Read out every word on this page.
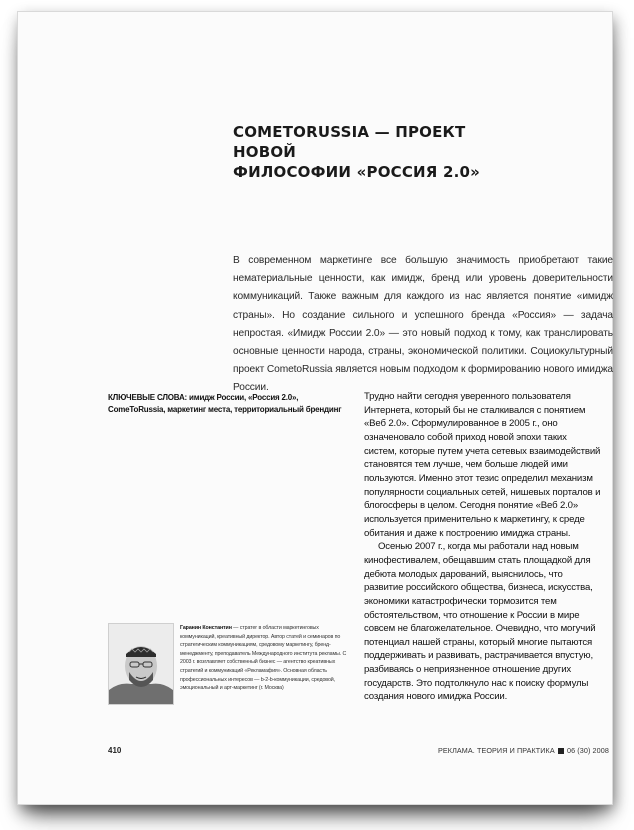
COMETORUSSIA — ПРОЕКТ НОВОЙ
ФИЛОСОФИИ «РОССИЯ 2.0»
В современном маркетинге все большую значимость приобретают такие нематериальные ценности, как имидж, бренд или уровень доверительности коммуникаций. Также важным для каждого из нас является понятие «имидж страны». Но создание сильного и успешного бренда «Россия» — задача непростая. «Имидж России 2.0» — это новый подход к тому, как транслировать основные ценности народа, страны, экономической политики. Социокультурный проект CometoRussia является новым подходом к формированию нового имиджа России.
КЛЮЧЕВЫЕ СЛОВА: имидж России, «Россия 2.0», ComeToRussia, маркетинг места, территориальный брендинг

Трудно найти сегодня уверенного пользователя Интернета, который бы не сталкивался с понятием «Веб 2.0». Сформулированное в 2005 г., оно означеновало собой приход новой эпохи таких систем, которые путем учета сетевых взаимодействий становятся тем лучше, чем больше людей ими пользуются. Именно этот тезис определил механизм популярности социальных сетей, нишевых порталов и блогосферы в целом. Сегодня понятие «Веб 2.0» используется применительно к маркетингу, к среде обитания и даже к построению имиджа страны.

Осенью 2007 г., когда мы работали над новым кинофестивалем, обещавшим стать площадкой для дебюта молодых дарований, выяснилось, что развитие российского общества, бизнеса, искусства, экономики катастрофически тормозится тем обстоятельством, что отношение к России в мире совсем не благожелательное. Очевидно, что могучий потенциал нашей страны, который многие пытаются поддерживать и развивать, растрачивается впустую, разбиваясь о неприязненное отношение других государств. Это подтолкнуло нас к поиску формулы создания нового имиджа России.

Гаранин Константин — стратег в области маркетинговых коммуникаций, креативный директор. Автор статей и семинаров по стратегическим коммуникациям, средовому маркетингу, бренд-менеджменту, преподаватель Международного института рекламы. С 2003 г. возглавляет собственный бизнес — агентство креативных стратегий и коммуникаций «Рекламафия». Основная область профессиональных интересов — b-2-b-коммуникации, средовой, эмоциональный и арт-маркетинг (г. Москва)
410	РЕКЛАМА. ТЕОРИЯ И ПРАКТИКА 06 (30) 2008
